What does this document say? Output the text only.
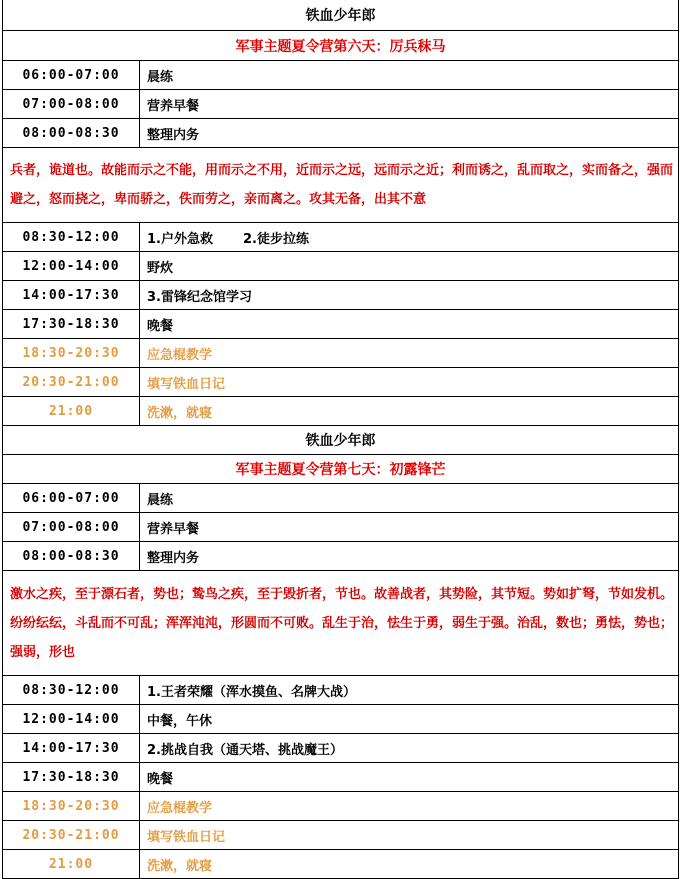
铁血少年郎	
军事主题夏令营第六天：厉兵秣马	
06:00-07:00	晨练
07:00-08:00	营养早餐
08:00-08:30	整理内务
兵者，诡道也。故能而示之不能，用而示之不用，近而示之远，远而示之近；利而诱之，乱而取之，实而备之，强而避之，怒而挠之，卑而骄之，佚而劳之，亲而离之。攻其无备，出其不意	
08:30-12:00	1.户外急救 2.徒步拉练
12:00-14:00	野炊
14:00-17:30	3.雷锋纪念馆学习
17:30-18:30	晚餐
18:30-20:30	应急棍教学
20:30-21:00	填写铁血日记
21:00	洗漱，就寝
铁血少年郎	
军事主题夏令营第七天：初露锋芒	
06:00-07:00	晨练
07:00-08:00	营养早餐
08:00-08:30	整理内务
激水之疾，至于漂石者，势也；鸷鸟之疾，至于毁折者，节也。故善战者，其势险，其节短。势如扩弩，节如发机。纷纷纭纭，斗乱而不可乱；浑浑沌沌，形圆而不可败。乱生于治，怯生于勇，弱生于强。治乱，数也；勇怯，势也；强弱，形也	
08:30-12:00	1.王者荣耀（浑水摸鱼、名牌大战）
12:00-14:00	中餐，午休
14:00-17:30	2.挑战自我（通天塔、挑战魔王）
17:30-18:30	晚餐
18:30-20:30	应急棍教学
20:30-21:00	填写铁血日记
21:00	洗漱，就寝
